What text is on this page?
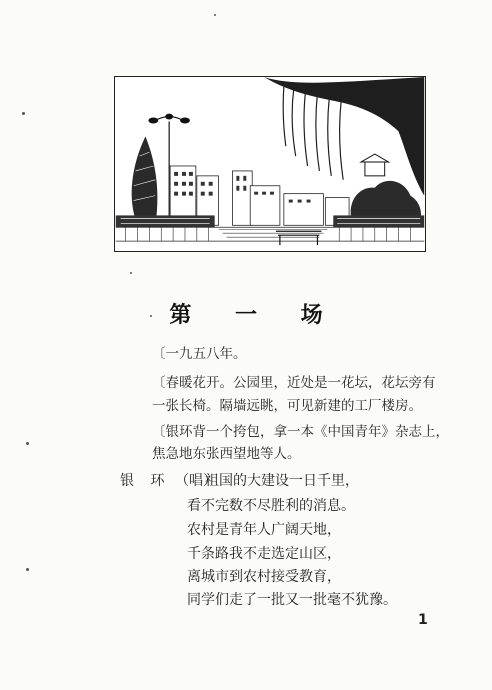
第 一 场
〔一九五八年。
〔春暖花开。公园里，近处是一花坛，花坛旁有
一张长椅。隔墙远眺，可见新建的工厂楼房。
〔银环背一个挎包，拿一本《中国青年》杂志上，
焦急地东张西望地等人。
银 环 （唱）
祖国的大建设一日千里，
看不完数不尽胜利的消息。
农村是青年人广阔天地，
千条路我不走选定山区，
离城市到农村接受教育，
同学们走了一批又一批毫不犹豫。
1
